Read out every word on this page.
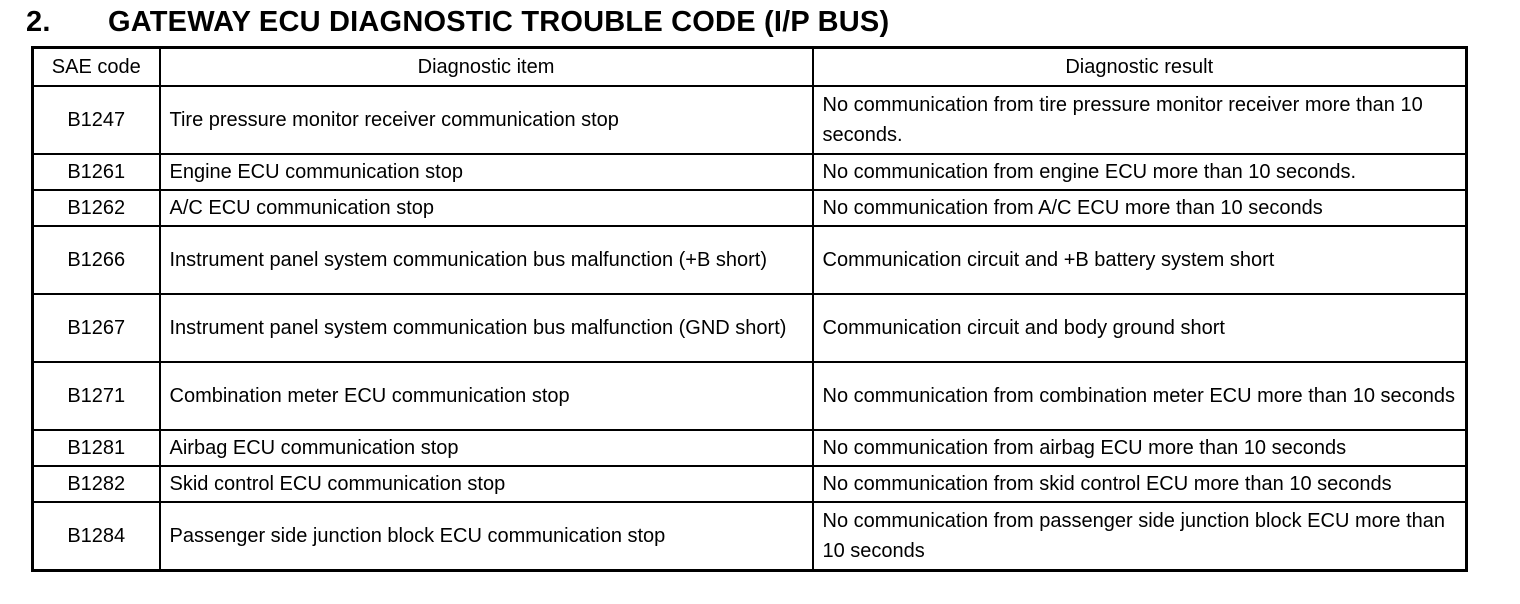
2.	GATEWAY ECU DIAGNOSTIC TROUBLE CODE (I/P BUS)
SAE code	Diagnostic item	Diagnostic result
B1247	Tire pressure monitor receiver communication stop	No communication from tire pressure monitor receiver more than 10 seconds.
B1261	Engine ECU communication stop	No communication from engine ECU more than 10 seconds.
B1262	A/C ECU communication stop	No communication from A/C ECU more than 10 seconds
B1266	Instrument panel system communication bus malfunction (+B short)	Communication circuit and +B battery system short
B1267	Instrument panel system communication bus malfunction (GND short)	Communication circuit and body ground short
B1271	Combination meter ECU communication stop	No communication from combination meter ECU more than 10 seconds
B1281	Airbag ECU communication stop	No communication from airbag ECU more than 10 seconds
B1282	Skid control ECU communication stop	No communication from skid control ECU more than 10 seconds
B1284	Passenger side junction block ECU communication stop	No communication from passenger side junction block ECU more than 10 seconds
